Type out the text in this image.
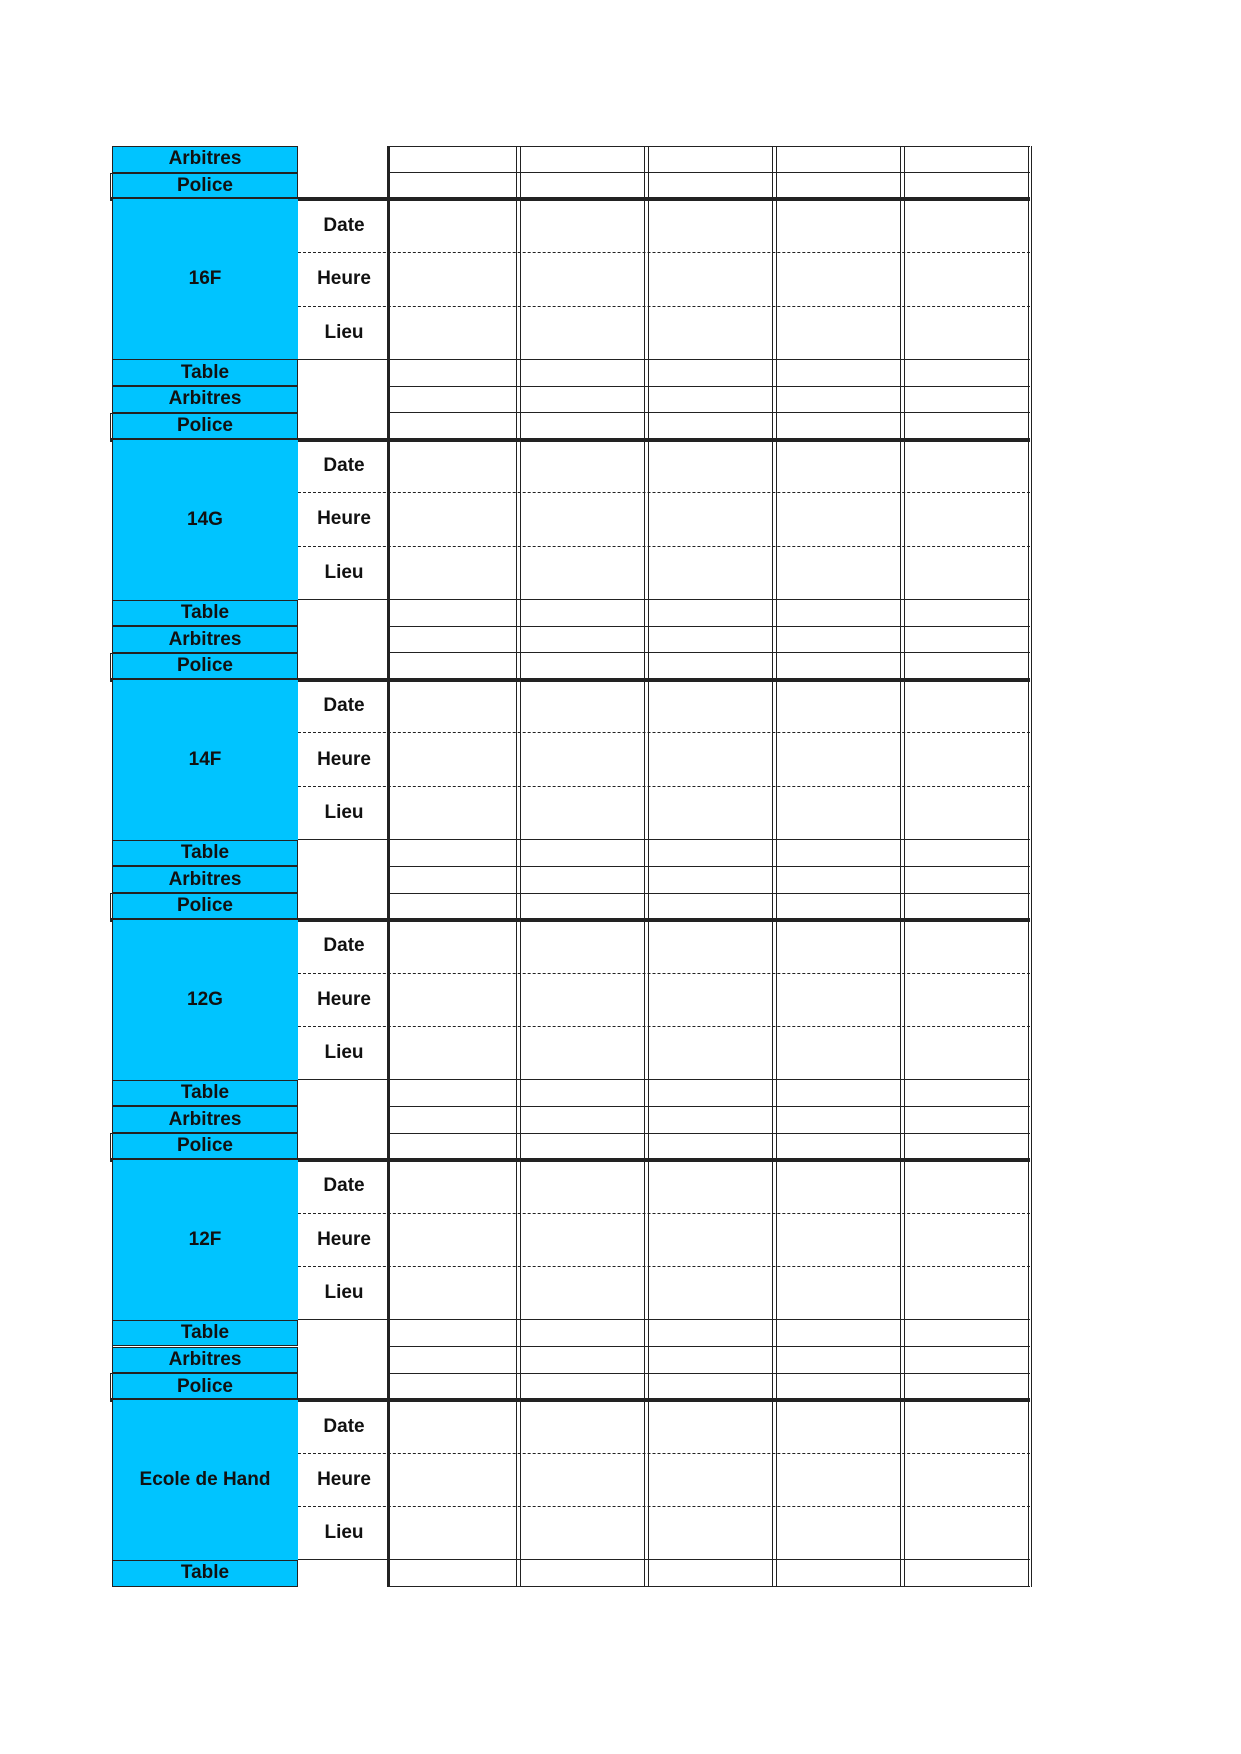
Arbitres
Police
16F
Date
Heure
Lieu
Table
Arbitres
Police
14G
Date
Heure
Lieu
Table
Arbitres
Police
14F
Date
Heure
Lieu
Table
Arbitres
Police
12G
Date
Heure
Lieu
Table
Arbitres
Police
12F
Date
Heure
Lieu
Table
Arbitres
Police
Ecole de Hand
Date
Heure
Lieu
Table
